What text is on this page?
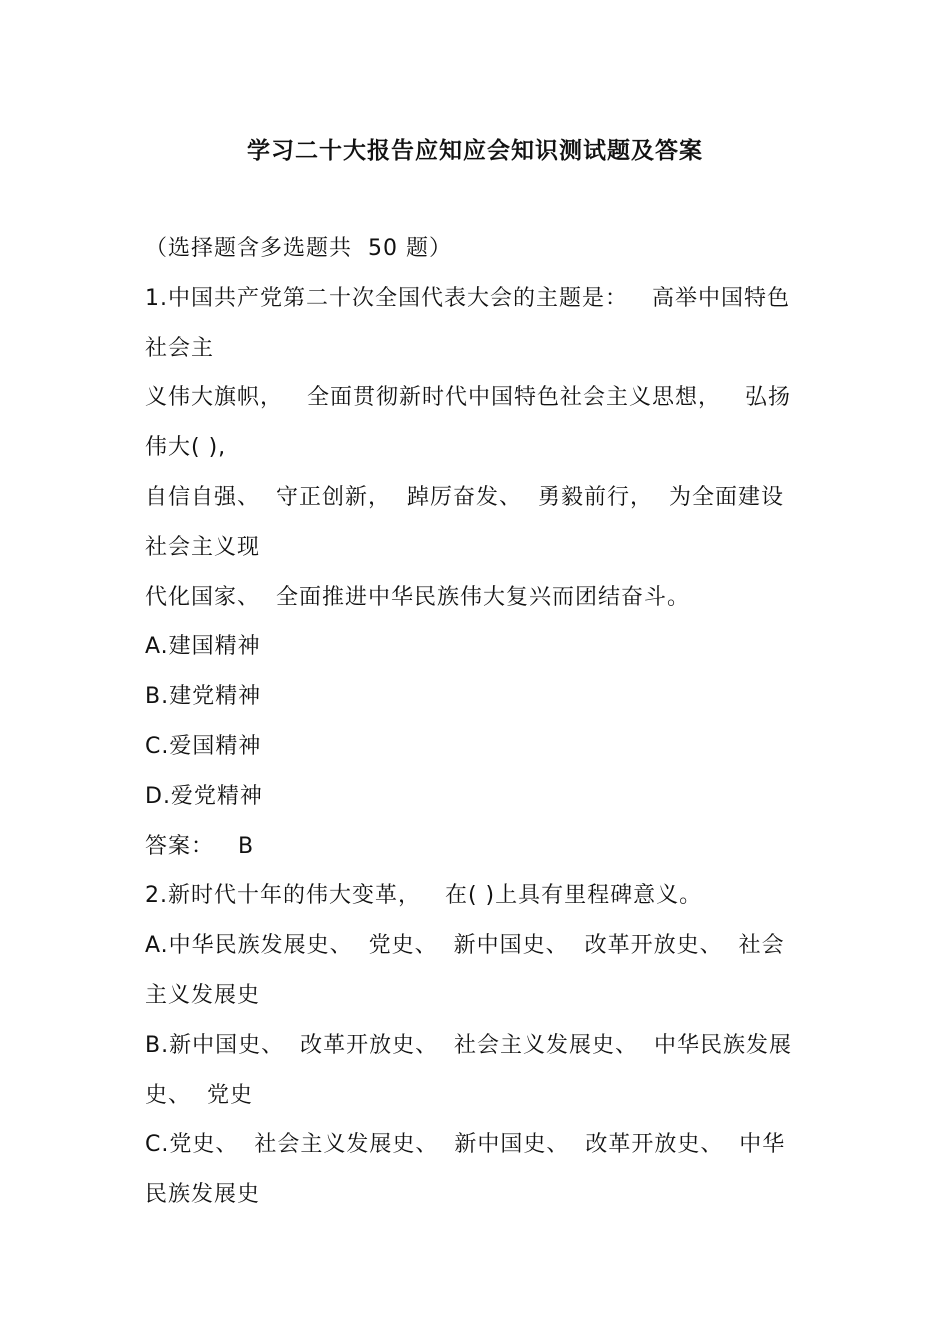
学习二十大报告应知应会知识测试题及答案
（选择题含多选题共  50 题）
1.中国共产党第二十次全国代表大会的主题是：   高举中国特色
社会主
义伟大旗帜，   全面贯彻新时代中国特色社会主义思想，   弘扬
伟大( ),
自信自强、  守正创新，  踔厉奋发、  勇毅前行，  为全面建设
社会主义现
代化国家、  全面推进中华民族伟大复兴而团结奋斗。
A.建国精神
B.建党精神
C.爱国精神
D.爱党精神
答案：   B
2.新时代十年的伟大变革，   在( )上具有里程碑意义。
A.中华民族发展史、  党史、  新中国史、  改革开放史、  社会
主义发展史
B.新中国史、  改革开放史、  社会主义发展史、  中华民族发展
史、  党史
C.党史、  社会主义发展史、  新中国史、  改革开放史、  中华
民族发展史
